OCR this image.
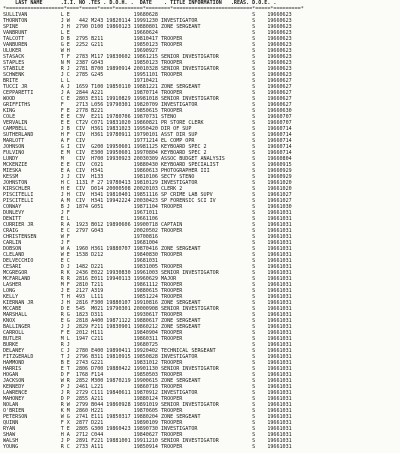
LAST NAME      .I.I. NO .TES . D.O.H. .  DATE    . TITLE INFORMATION   .REAS. D.O.E. .
*===================*====*=====*====*=========*========*==========================*=====*=========*
SULLIVAN           L E                     19680628                               S    19660623
THORNTON           J W   442 M243 19820114 19991230 INVESTIGATOR                  S    19660623
SPINE              J H  2790 D100 19860123 19880801 ZONE SERGEANT                 S    19660623
VANBRUNT           L E                     19660624                               S    19660623
TALCOTT            D B  2795 B211          19810417 TROOPER                       S    19660623
VANBUREN           G E  2252 G211          19850123 TROOPER                       S    19660623
ULUKER             W H                     19690927                               S    19660623
STASACK            T F  2783 M117 19830602 19861215 SENIOR INVESTIGATOR           S    19660623
STAPLES            N M  2387 G043          19850123 TROOPER                       S    19660623
STABILE            R J  2781 B700 19890914 20010328 SENIOR INVESTIGATOR           S    19660623
SCHWENK            J C  2785 G245          19951101 TROOPER                       S    19660623
BRITE              L L                     19710421                               S    19660627
TUCCI JR           A J  1659 T100 19850110 19881221 ZONE SERGEANT                 S    19660627
CEPPARETTI         J A  2844 A221          19870714 TROOPER                       S    19660627
WOOD               C E  2803 E311 19910829 19981018 SENIOR INVESTIGATOR           S    19660627
GRIFFITHS          F    2713 L056 19790301 19820709 INVESTIGATOR                  S    19660627
KING               F E  2778 B221          19850615 TROOPER                       S    19660630
COLE               E E  C3V  E211 19780706 19870731 STENO                         S    19660707
VERVALIN           E E  CT2V C071 19831020 19860821 PR STORE CLERK                S    19660707
CAMPBELL           J B  CIV  H361 19831023 19950420 DIR OF SUP                    S    19660714
SUTHERLAND         H F  CIV  H361 19780911 19790101 ASST DIR SUP                  S    19660714
MARLOTT            A F  CIV                19771214 EL COMP OPR                   S    19660714
JOHNSON            G I  CIV  G200 19950601 19981125 KEYBOARD SPEC 2               S    19660714
FULVINO            E M  CIV  E300 19950601 19970804 KEYBOARD SPEC 2               S    19660714
LUNDY              M    CIV  H700 19930923 20030309 ASSOC BUDGET ANALYSIS         S    19660804
MCKENZIE           E E  CIV  C021          19880430 KEYBOARD SPECIALIST           S    19660915
MIESKA             E A  CIV  H341          19860613 PHOTOGRAPHER III              S    19660929
KESSM              J J  CIV  H133          19810106 SECTY STENO                   S    19660929
JOHNSTON           H C  1131 F 27 19780413 19810129 INVESTIGATOR                  S    19661020
KIRSCHLER          H E  CIV  D014 20000508 20020103 CLERK 2                       S    19661020
PISCITELLI         J H  CIV  H341 19810401 19851116 SP CRIME LAB SUPV             S    19661027
PISCITELLI         A M  CIV  H341 19942224 20030423 SP FORENSIC SCI IV            S    19661027
CONWAY             B J  1874 G051          19871104 TROOPER                       S    19661030
DUNLEVY            J F                     19671011                               S    19661031
DEWITT             E L                     19661106                               S    19661031
CURRIER JR         R A  1923 B012 19890606 19900718 CAPTAIN                       S    19661031
CRAIG              E C  2797 G043          20020502 TROOPER                       S    19661031
CHRISTENSEN        W F                     19700816                               S    19661031
CARLIN             J F                     19681004                               S    19661031
DOBSON             W A  1960 H361 19880707 19870416 ZONE SERGEANT                 S    19661031
CLELAND            W E  1538 D212          19840830 TROOPER                       S    19661031
DELVECCHIO         E C                     19681031                               S    19661031
CESARI             D J  1482 D221          19831005 TROOPER                       S    19661031
MCGREGOR           R K  2436 E022 19930830 19961003 SENIOR INVESTIGATOR           S    19661031
MCFARLAND          R R  2816 E011 19940113 19960629 MAJOR                         S    19661031
LASHER             M F  2810 T211          19861112 TROOPER                       S    19661031
LONG               J E  2127 A319          19880615 TROOPER                       S    19661031
KELLY              T H  493  L111          19851224 TROOPER                       S    19661031
KIERNAN JR         J H  2816 F300 19880107 19910816 ZONE SERGEANT                 S    19661031
MCCABE             D E  545  M021 19790301 20000908 SENIOR INVESTIGATOR           S    19661031
MARSHALL           R G  1823 D311          19930617 TROOPER                       S    19661031
KNOX               E G  2818 A400 19871122 19880617 ZONE SERGEANT                 S    19661031
BALLINGER          J J  2829 F211 19830901 19860212 ZONE SERGEANT                 S    19661031
CARROLL            F E  2012 H111          19840904 TROOPER                       S    19661031
BUTLER             M L  1947 C211          19860311 TROOPER                       S    19661031
BURKE              R J                     19680725                               S    19661031
DELANEY            C J  2780 E400 19890411 19920402 TECHNICAL SERGEANT            S    19661031
FITZGERALD         T J  2796 B311 19810915 19850828 INVESTIGATOR                  S    19661031
HAMMOND            B E  2743 G221          19831012 TROOPER                       S    19661031
HARRIS             E T  2806 D700 19880422 19901130 SENIOR INVESTIGATOR           S    19661031
HOGAN              D F  1768 F114          19850503 TROOPER                       S    19661031
JACKSON            W R  2852 M300 19870219 19900615 ZONE SERGEANT                 S    19661031
KENNEDY            P J  2461 L221          19860718 TROOPER                       S    19661031
LAWRENCE           J R  2729 C111 19840611 19870912 INVESTIGATOR                  S    19661031
MAHONEY            D P  2855 A211          19880124 TROOPER                       S    19661031
NOLAN              R W  2799 B044 19860928 19891019 SENIOR INVESTIGATOR           S    19661031
O'BRIEN            K M  2860 H221          19870605 TROOPER                       S    19661031
PETERSON           W G  2741 E111 19850317 19880204 ZONE SERGEANT                 S    19661031
QUINN              F X  2877 D221          19890109 TROOPER                       S    19661031
RYAN               T E  2805 G300 19860423 19890730 INVESTIGATOR                  S    19661031
SHAW               H A  2712 C044          19840627 TROOPER                       S    19661031
WALSH              J P  2891 F221 19881001 19911210 SENIOR INVESTIGATOR           S    19661031
YOUNG              R C  2733 A111          19850914 TROOPER                       S    19661031
